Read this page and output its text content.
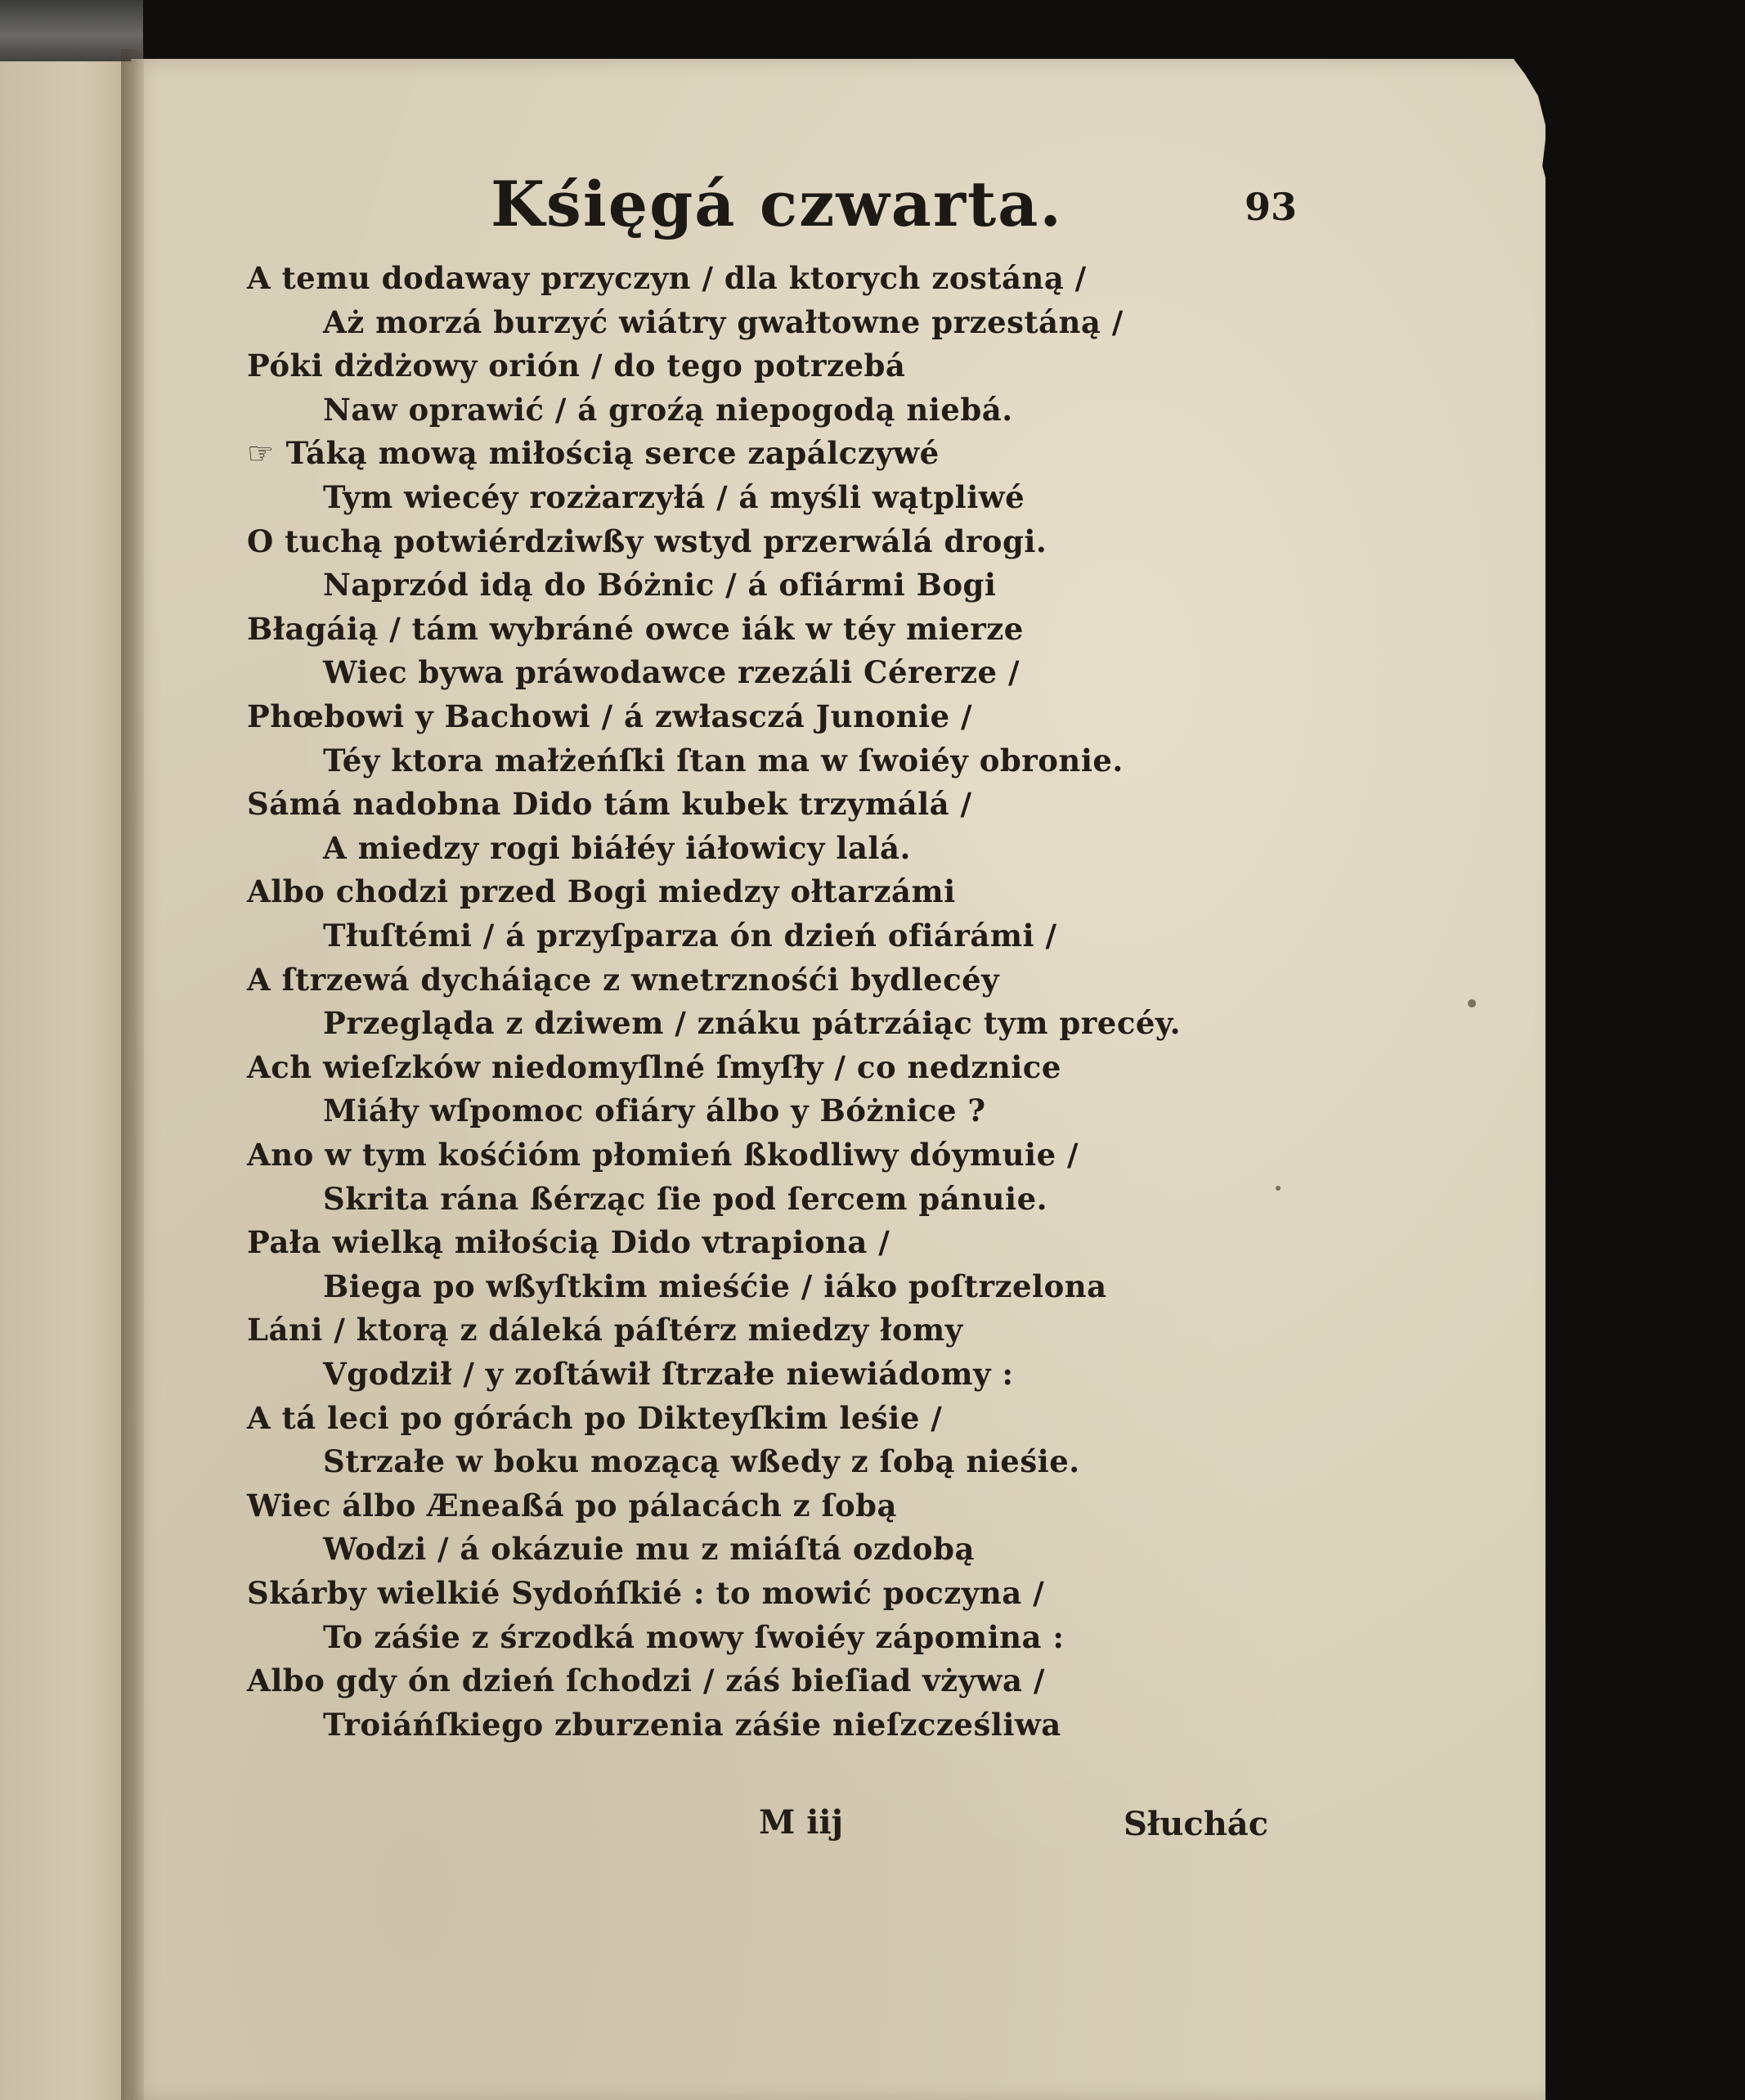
Kśięgá czwarta.	93
A temu dodaway przyczyn / dla ktorych zostáną /
Aż morzá burzyć wiátry gwałtowne przestáną /
Póki dżdżowy orión / do tego potrzebá
Naw oprawić / á groźą niepogodą niebá.
☞ Táką mową miłością serce zapálczywé
Tym wiecéy rozżarzyłá / á myśli wątpliwé
O tuchą potwiérdziwßy wstyd przerwálá drogi.
Naprzód idą do Bóżnic / á ofiármi Bogi
Błagáią / tám wybráné owce iák w téy mierze
Wiec bywa práwodawce rzezáli Cérerze /
Phœbowi y Bachowi / á zwłasczá Junonie /
Téy ktora małżeńſki ſtan ma w ſwoiéy obronie.
Sámá nadobna Dido tám kubek trzymálá /
A miedzy rogi biáłéy iáłowicy lalá.
Albo chodzi przed Bogi miedzy ołtarzámi
Tłuſtémi / á przyſparza ón dzień ofiárámi /
A ſtrzewá dycháiące z wnetrznośći bydlecéy
Przegląda z dziwem / znáku pátrzáiąc tym precéy.
Ach wieſzków niedomyſlné ſmyſły / co nedznice
Miáły wſpomoc ofiáry álbo y Bóżnice ?
Ano w tym kośćióm płomień ßkodliwy dóymuie /
Skrita rána ßérząc ſie pod ſercem pánuie.
Pała wielką miłością Dido vtrapiona /
Biega po wßyſtkim mieśćie / iáko poſtrzelona
Láni / ktorą z dáleká páſtérz miedzy łomy
Vgodził / y zoſtáwił ſtrzałe niewiádomy :
A tá leci po górách po Dikteyſkim leśie /
Strzałe w boku mozącą wßedy z ſobą nieśie.
Wiec álbo Æneaßá po pálacách z ſobą
Wodzi / á okázuie mu z miáſtá ozdobą
Skárby wielkié Sydońſkié : to mowić poczyna /
To záśie z śrzodká mowy ſwoiéy zápomina :
Albo gdy ón dzień ſchodzi / záś bieſiad vżywa /
Troiáńſkiego zburzenia záśie nieſzcześliwa
M iij	Słuchác
